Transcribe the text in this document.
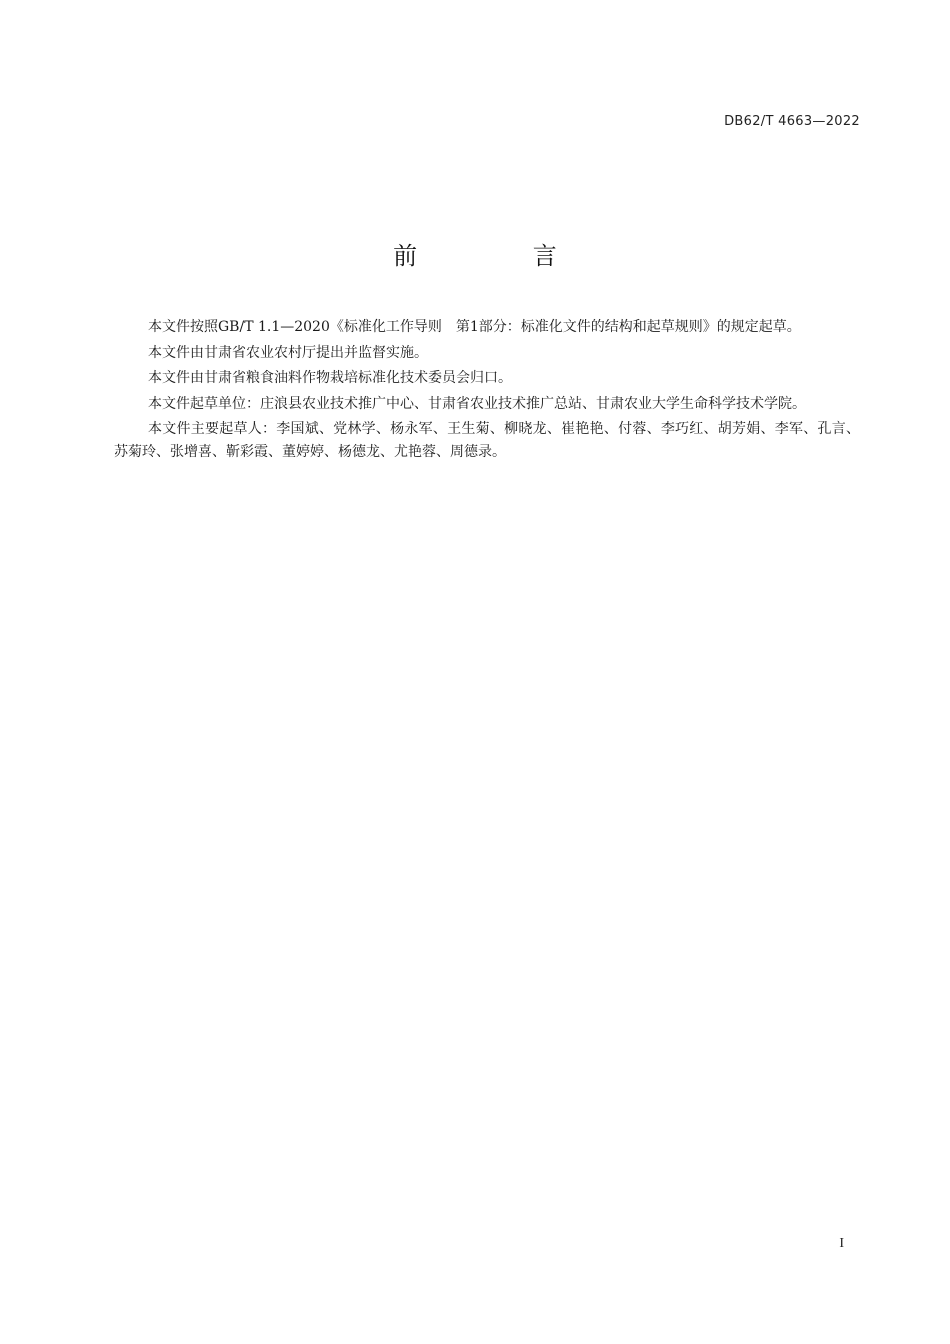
DB62/T 4663—2022
前 言

本文件按照GB/T 1.1—2020《标准化工作导则　第1部分：标准化文件的结构和起草规则》的规定起草。

本文件由甘肃省农业农村厅提出并监督实施。

本文件由甘肃省粮食油料作物栽培标准化技术委员会归口。

本文件起草单位：庄浪县农业技术推广中心、甘肃省农业技术推广总站、甘肃农业大学生命科学技术学院。

本文件主要起草人：李国斌、党林学、杨永军、王生菊、柳晓龙、崔艳艳、付蓉、李巧红、胡芳娟、李军、孔言、苏菊玲、张增喜、靳彩霞、董婷婷、杨德龙、尤艳蓉、周德录。

I
